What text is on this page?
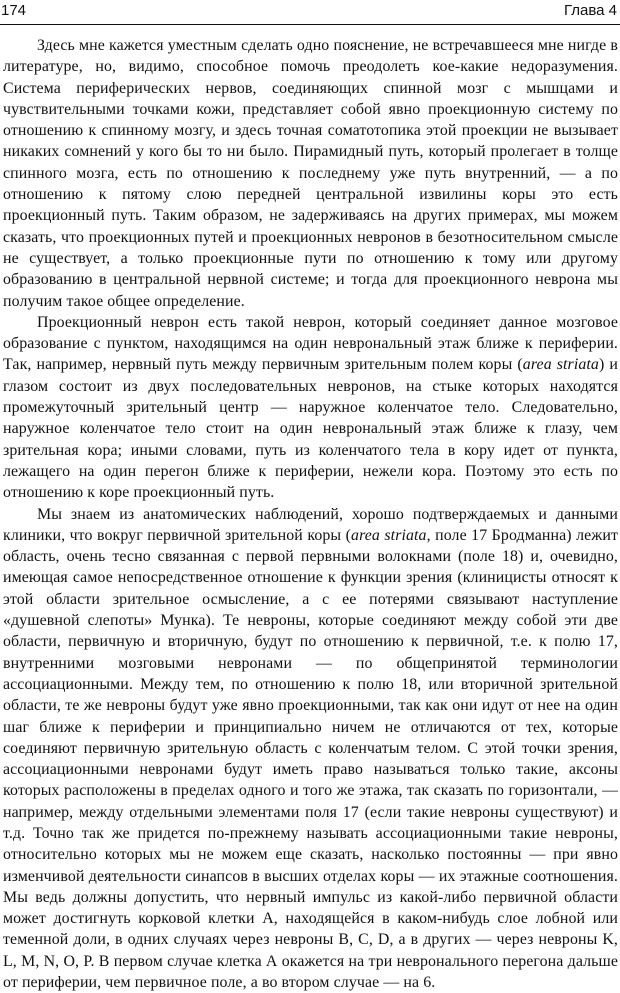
174	Глава 4

Здесь мне кажется уместным сделать одно пояснение, не встречавшееся мне нигде в литературе, но, видимо, способное помочь преодолеть кое-какие недоразумения. Система периферических нервов, соединяющих спинной мозг с мышцами и чувствительными точками кожи, представляет собой явно проекционную систему по отношению к спинному мозгу, и здесь точная соматотопика этой проекции не вызывает никаких сомнений у кого бы то ни было. Пирамидный путь, который пролегает в толще спинного мозга, есть по отношению к последнему уже путь внутренний, — а по отношению к пятому слою передней центральной извилины коры это есть проекционный путь. Таким образом, не задерживаясь на других примерах, мы можем сказать, что проекционных путей и проекционных невронов в безотносительном смысле не существует, а только проекционные пути по отношению к тому или другому образованию в центральной нервной системе; и тогда для проекционного неврона мы получим такое общее определение.

Проекционный неврон есть такой неврон, который соединяет данное мозговое образование с пунктом, находящимся на один неврональный этаж ближе к периферии. Так, например, нервный путь между первичным зрительным полем коры (area striata) и глазом состоит из двух последовательных невронов, на стыке которых находятся промежуточный зрительный центр — наружное коленчатое тело. Следовательно, наружное коленчатое тело стоит на один неврональный этаж ближе к глазу, чем зрительная кора; иными словами, путь из коленчатого тела в кору идет от пункта, лежащего на один перегон ближе к периферии, нежели кора. Поэтому это есть по отношению к коре проекционный путь.

Мы знаем из анатомических наблюдений, хорошо подтверждаемых и данными клиники, что вокруг первичной зрительной коры (area striata, поле 17 Бродманна) лежит область, очень тесно связанная с первой первными волокнами (поле 18) и, очевидно, имеющая самое непосредственное отношение к функции зрения (клиницисты относят к этой области зрительное осмысление, а с ее потерями связывают наступление «душевной слепоты» Мунка). Те невроны, которые соединяют между собой эти две области, первичную и вторичную, будут по отношению к первичной, т.е. к полю 17, внутренними мозговыми невронами — по общепринятой терминологии ассоциационными. Между тем, по отношению к полю 18, или вторичной зрительной области, те же невроны будут уже явно проекционными, так как они идут от нее на один шаг ближе к периферии и принципиально ничем не отличаются от тех, которые соединяют первичную зрительную область с коленчатым телом. С этой точки зрения, ассоциационными невронами будут иметь право называться только такие, аксоны которых расположены в пределах одного и того же этажа, так сказать по горизонтали, — например, между отдельными элементами поля 17 (если такие невроны существуют) и т.д. Точно так же придется по-прежнему называть ассоциационными такие невроны, относительно которых мы не можем еще сказать, насколько постоянны — при явно изменчивой деятельности синапсов в высших отделах коры — их этажные соотношения. Мы ведь должны допустить, что нервный импульс из какой-либо первичной области может достигнуть корковой клетки А, находящейся в каком-нибудь слое лобной или теменной доли, в одних случаях через невроны B, C, D, а в других — через невроны K, L, M, N, O, P. В первом случае клетка А окажется на три невронального перегона дальше от периферии, чем первичное поле, а во втором случае — на 6.
